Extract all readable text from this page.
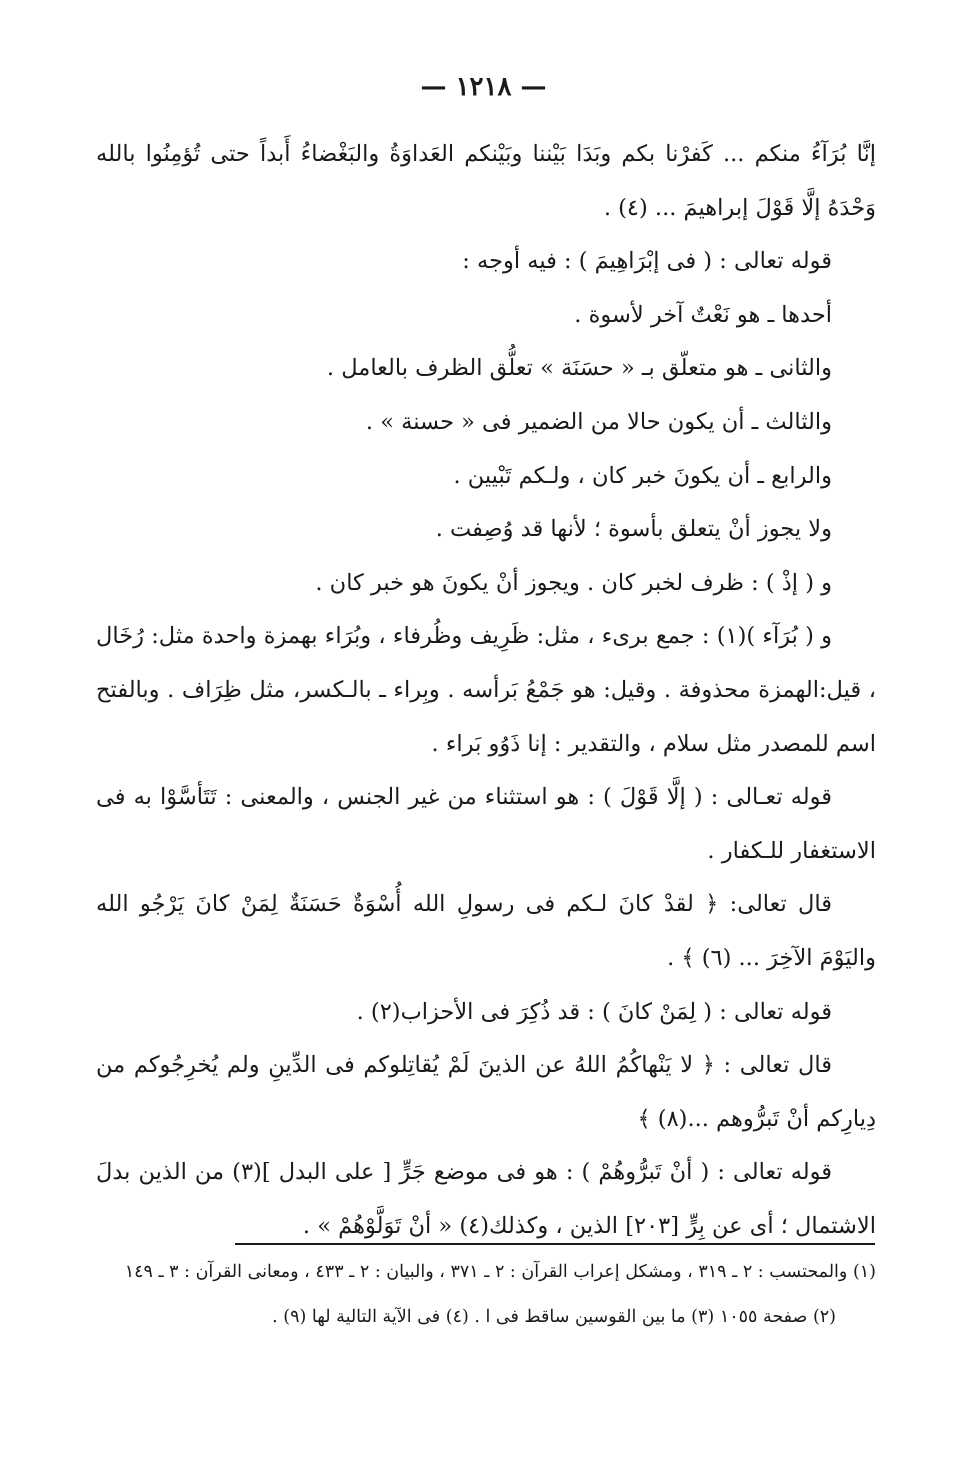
— ١٢١٨ —

إنَّا بُرَآءُ منكم ... كَفرْنا بكم وبَدَا بَيْننا وبَيْنكم العَداوَةُ والبَغْضاءُ أَبداً حتى تُؤمِنُوا بالله وَحْدَهُ إلَّا قَوْلَ إبراهيمَ ... (٤) .

قوله تعالى : ( فى إبْرَاهِيمَ ) : فيه أوجه :

أحدها ـ هو نَعْتٌ آخر لأسوة .

والثانى ـ هو متعلّق بـ « حسَنَة » تعلُّق الظرف بالعامل .

والثالث ـ أن يكون حالا من الضمير فى « حسنة » .

والرابع ـ أن يكونَ خبر كان ، ولـكم تَبْيين .

ولا يجوز أنْ يتعلق بأسوة ؛ لأنها قد وُصِفت .

و ( إذْ ) : ظرف لخبر كان . ويجوز أنْ يكونَ هو خبر كان .

و ( بُرَآء )(١) : جمع برىء ، مثل: ظَرِيف وظُرفاء ، وبُرَاء بهمزة واحدة مثل: رُخَال ، قيل:الهمزة محذوفة . وقيل: هو جَمْعُ بَرأسه . وبِراء ـ بالـكسر، مثل ظِرَاف . وبالفتح اسم للمصدر مثل سلام ، والتقدير : إنا ذَوُو بَراء .

قوله تعـالى : ( إلَّا قَوْلَ ) : هو استثناء من غير الجنس ، والمعنى : تَتَأسَّوْا به فى الاستغفار للـكفار .

قال تعالى: ﴿ لقدْ كانَ لـكم فى رسولِ الله أُسْوَةٌ حَسَنَةٌ لِمَنْ كانَ يَرْجُو الله واليَوْمَ الآخِرَ ... (٦) ﴾ .

قوله تعالى : ( لِمَنْ كانَ ) : قد ذُكِرَ فى الأحزاب(٢) .

قال تعالى : ﴿ لا يَنْهاكُمُ اللهُ عن الذينَ لَمْ يُقاتِلوكم فى الدِّينِ ولم يُخرِجُوكم من دِيارِكم أنْ تَبرُّوهم ...(٨) ﴾

قوله تعالى : ( أنْ تَبرُّوهُمْ ) : هو فى موضع جَرٍّ [ على البدل ](٣) من الذين بدلَ الاشتمال ؛ أى عن بِرٍّ [٢٠٣] الذين ، وكذلك(٤) « أنْ تَوَلَّوْهُمْ » .

(١) والمحتسب : ٢ ـ ٣١٩ ، ومشكل إعراب القرآن : ٢ ـ ٣٧١ ، والبيان : ٢ ـ ٤٣٣ ، ومعانى القرآن : ٣ ـ ١٤٩

(٢) صفحة ١٠٥٥ (٣) ما بين القوسين ساقط فى ا . (٤) فى الآية التالية لها (٩) .
